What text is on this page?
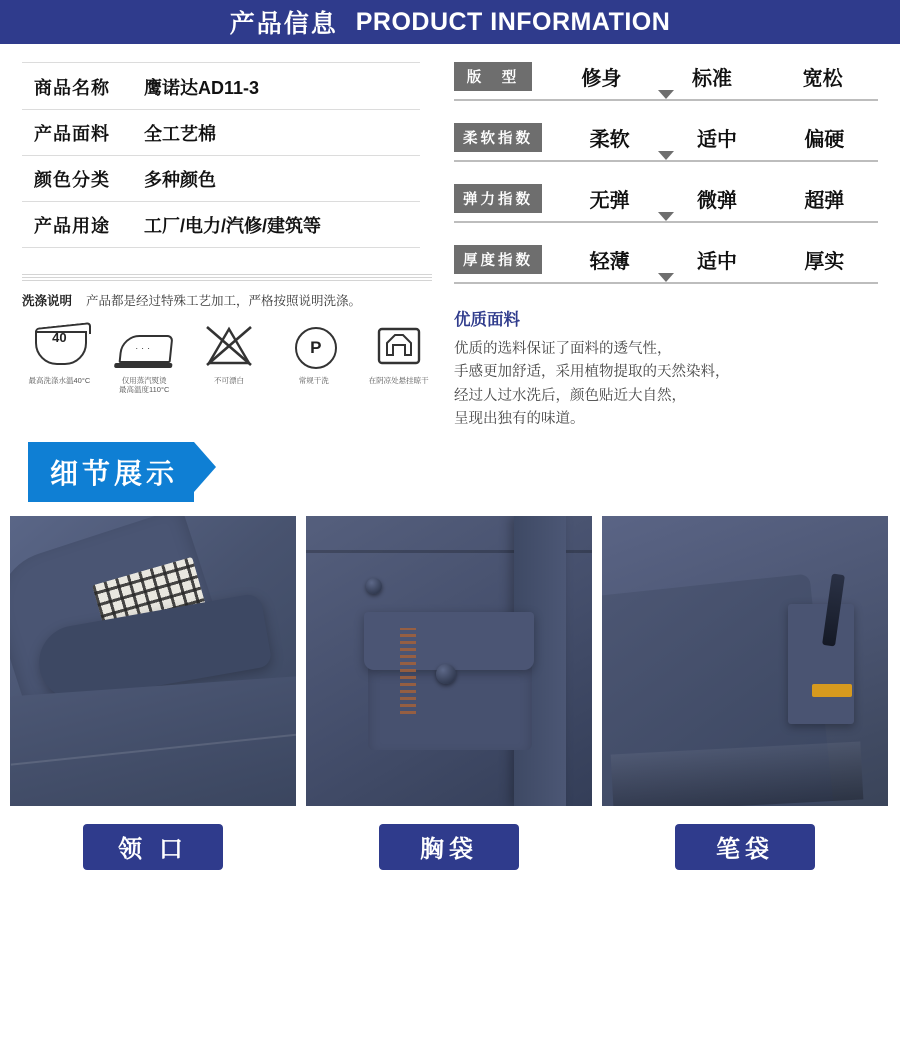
产品信息 PRODUCT INFORMATION
商品名称	鹰诺达AD11-3
产品面料	全工艺棉
颜色分类	多种颜色
产品用途	工厂/电力/汽修/建筑等
洗涤说明 产品都是经过特殊工艺加工，严格按照说明洗涤。
40
最高洗涤水温40°C
···
仅用蒸汽熨烫
最高温度110°C
不可漂白
P
常规干洗	在阴凉处悬挂晾干
版　型	修身	标准	宽松
柔软指数	柔软	适中	偏硬
弹力指数	无弹	微弹	超弹
厚度指数	轻薄	适中	厚实
优质面料
优质的选料保证了面料的透气性，
手感更加舒适，采用植物提取的天然染料，
经过人过水洗后，颜色贴近大自然，
呈现出独有的味道。
细节展示
领 口	胸袋	笔袋
